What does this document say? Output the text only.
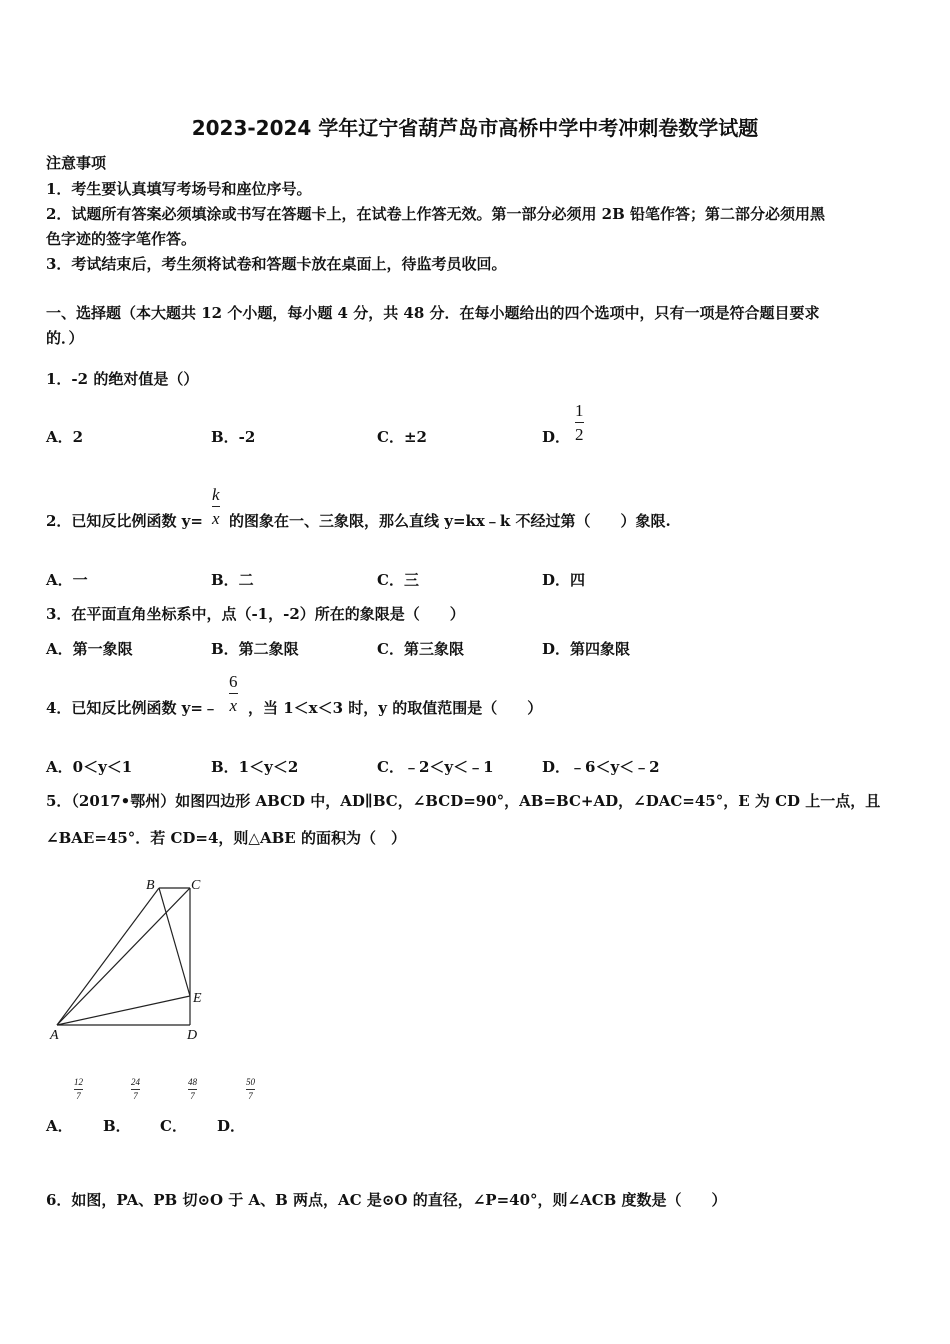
2023-2024 学年辽宁省葫芦岛市高桥中学中考冲刺卷数学试题
注意事项
1．考生要认真填写考场号和座位序号。
2．试题所有答案必须填涂或书写在答题卡上，在试卷上作答无效。第一部分必须用 2B 铅笔作答；第二部分必须用黑
色字迹的签字笔作答。
3．考试结束后，考生须将试卷和答题卡放在桌面上，待监考员收回。
一、选择题（本大题共 12 个小题，每小题 4 分，共 48 分．在每小题给出的四个选项中，只有一项是符合题目要求
的．）
1．-2 的绝对值是（）
A．2	B．-2	C．±2	D．
1
2
2．已知反比例函数 y=
k
x 的图象在一、三象限，那么直线 y=kx﹣k 不经过第（　　）象限.
A．一	B．二	C．三	D．四
3．在平面直角坐标系中，点（-1，-2）所在的象限是（　　）
A．第一象限	B．第二象限	C．第三象限	D．第四象限
4．已知反比例函数 y=﹣
6
x ，当 1＜x＜3 时，y 的取值范围是（　　）
A．0＜y＜1	B．1＜y＜2	C．﹣2＜y＜﹣1	D．﹣6＜y＜﹣2
5．（2017•鄂州）如图四边形 ABCD 中，AD∥BC，∠BCD=90°，AB=BC+AD，∠DAC=45°，E 为 CD 上一点，且
∠BAE=45°．若 CD=4，则△ABE 的面积为（　）
B	C
E
A	D
12
7
24
7
48
7
50
7
A． B． C． D．
6．如图，PA、PB 切⊙O 于 A、B 两点，AC 是⊙O 的直径，∠P=40°，则∠ACB 度数是（　　）
